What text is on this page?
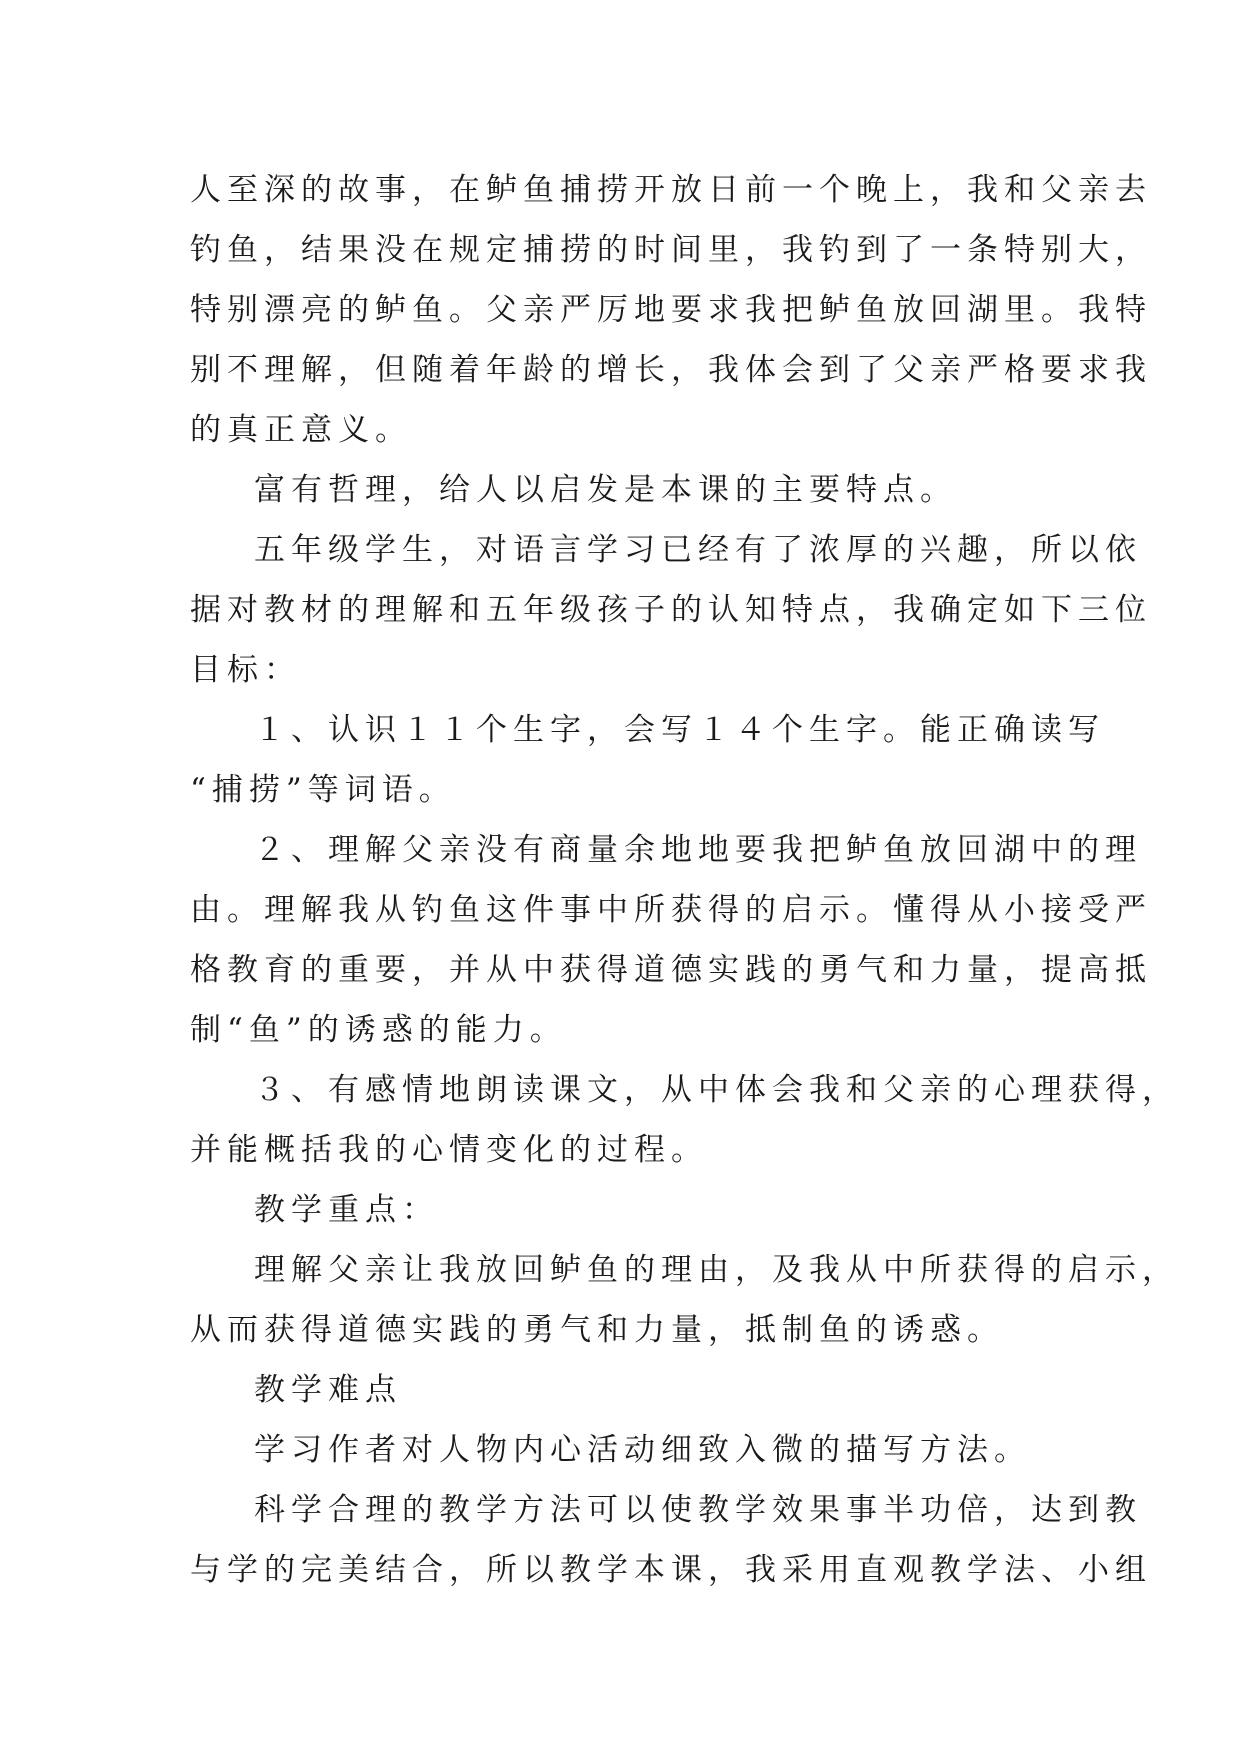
人至深的故事，在鲈鱼捕捞开放日前一个晚上，我和父亲去
钓鱼，结果没在规定捕捞的时间里，我钓到了一条特别大，
特别漂亮的鲈鱼。父亲严厉地要求我把鲈鱼放回湖里。我特
别不理解，但随着年龄的增长，我体会到了父亲严格要求我
的真正意义。
富有哲理，给人以启发是本课的主要特点。
五年级学生，对语言学习已经有了浓厚的兴趣，所以依
据对教材的理解和五年级孩子的认知特点，我确定如下三位
目标：
１、认识１１个生字，会写１４个生字。能正确读写
“捕捞”等词语。
２、理解父亲没有商量余地地要我把鲈鱼放回湖中的理
由。理解我从钓鱼这件事中所获得的启示。懂得从小接受严
格教育的重要，并从中获得道德实践的勇气和力量，提高抵
制“鱼”的诱惑的能力。
３、有感情地朗读课文，从中体会我和父亲的心理获得，
并能概括我的心情变化的过程。
教学重点：
理解父亲让我放回鲈鱼的理由，及我从中所获得的启示，
从而获得道德实践的勇气和力量，抵制鱼的诱惑。
教学难点
学习作者对人物内心活动细致入微的描写方法。
科学合理的教学方法可以使教学效果事半功倍，达到教
与学的完美结合，所以教学本课，我采用直观教学法、小组
